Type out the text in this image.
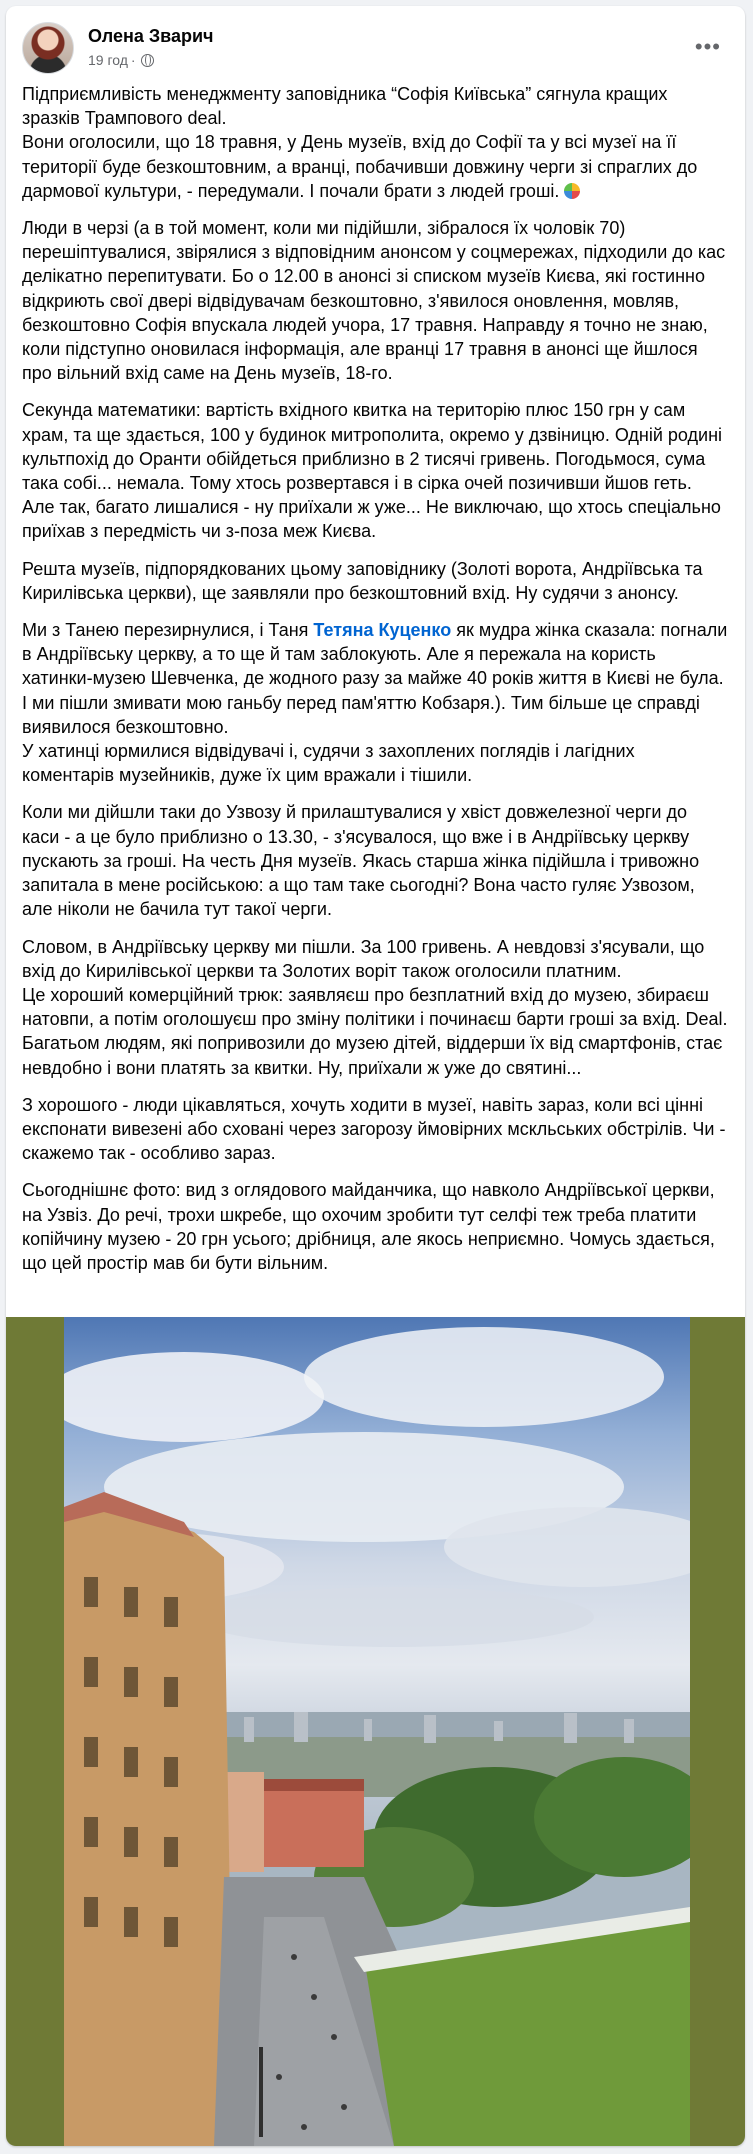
Олена Зварич
19 год ·
•••

Підприємливість менеджменту заповідника “Софія Київська” сягнула кращих зразків Трампового deal.
Вони оголосили, що 18 травня, у День музеїв, вхід до Софії та у всі музеї на її території буде безкоштовним, а вранці, побачивши довжину черги зі спраглих до дармової культури, - передумали. І почали брати з людей гроші.

Люди в черзі (а в той момент, коли ми підійшли, зібралося їх чоловік 70) перешіптувалися, звірялися з відповідним анонсом у соцмережах, підходили до кас делікатно перепитувати. Бо о 12.00 в анонсі зі списком музеїв Києва, які гостинно відкриють свої двері відвідувачам безкоштовно, з'явилося оновлення, мовляв, безкоштовно Софія впускала людей учора, 17 травня. Направду я точно не знаю, коли підступно оновилася інформація, але вранці 17 травня в анонсі ще йшлося про вільний вхід саме на День музеїв, 18-го.

Секунда математики: вартість вхідного квитка на територію плюс 150 грн у сам храм, та ще здається, 100 у будинок митрополита, окремо у дзвіницю. Одній родині культпохід до Оранти обійдеться приблизно в 2 тисячі гривень. Погодьмося, сума така собі... немала. Тому хтось розвертався і в сірка очей позичивши йшов геть. Але так, багато лишалися - ну приїхали ж уже... Не виключаю, що хтось спеціально приїхав з передмість чи з-поза меж Києва.

Решта музеїв, підпорядкованих цьому заповіднику (Золоті ворота, Андріївська та Кирилівська церкви), ще заявляли про безкоштовний вхід. Ну судячи з анонсу.

Ми з Танею перезирнулися, і Таня Тетяна Куценко як мудра жінка сказала: погнали в Андріївську церкву, а то ще й там заблокують. Але я пережала на користь хатинки-музею Шевченка, де жодного разу за майже 40 років життя в Києві не була. І ми пішли змивати мою ганьбу перед пам'яттю Кобзаря.). Тим більше це справді виявилося безкоштовно.
У хатинці юрмилися відвідувачі і, судячи з захоплених поглядів і лагідних коментарів музейників, дуже їх цим вражали і тішили.

Коли ми дійшли таки до Узвозу й прилаштувалися у хвіст довжелезної черги до каси - а це було приблизно о 13.30, - з'ясувалося, що вже і в Андріївську церкву пускають за гроші. На честь Дня музеїв. Якась старша жінка підійшла і тривожно запитала в мене російською: а що там таке сьогодні? Вона часто гуляє Узвозом, але ніколи не бачила тут такої черги.

Словом, в Андріївську церкву ми пішли. За 100 гривень. А невдовзі з'ясували, що вхід до Кирилівської церкви та Золотих воріт також оголосили платним.
Це хороший комерційний трюк: заявляєш про безплатний вхід до музею, збираєш натовпи, а потім оголошуєш про зміну політики і починаєш барти гроші за вхід. Deal. Багатьом людям, які попривозили до музею дітей, віддерши їх від смартфонів, стає невдобно і вони платять за квитки. Ну, приїхали ж уже до святині...

З хорошого - люди цікавляться, хочуть ходити в музеї, навіть зараз, коли всі цінні експонати вивезені або сховані через загорозу ймовірних мскльських обстрілів. Чи - скажемо так - особливо зараз.

Сьогоднішнє фото: вид з оглядового майданчика, що навколо Андріївської церкви, на Узвіз. До речі, трохи шкребе, що охочим зробити тут селфі теж треба платити копійчину музею - 20 грн усього; дрібниця, але якось неприємно. Чомусь здається, що цей простір мав би бути вільним.
